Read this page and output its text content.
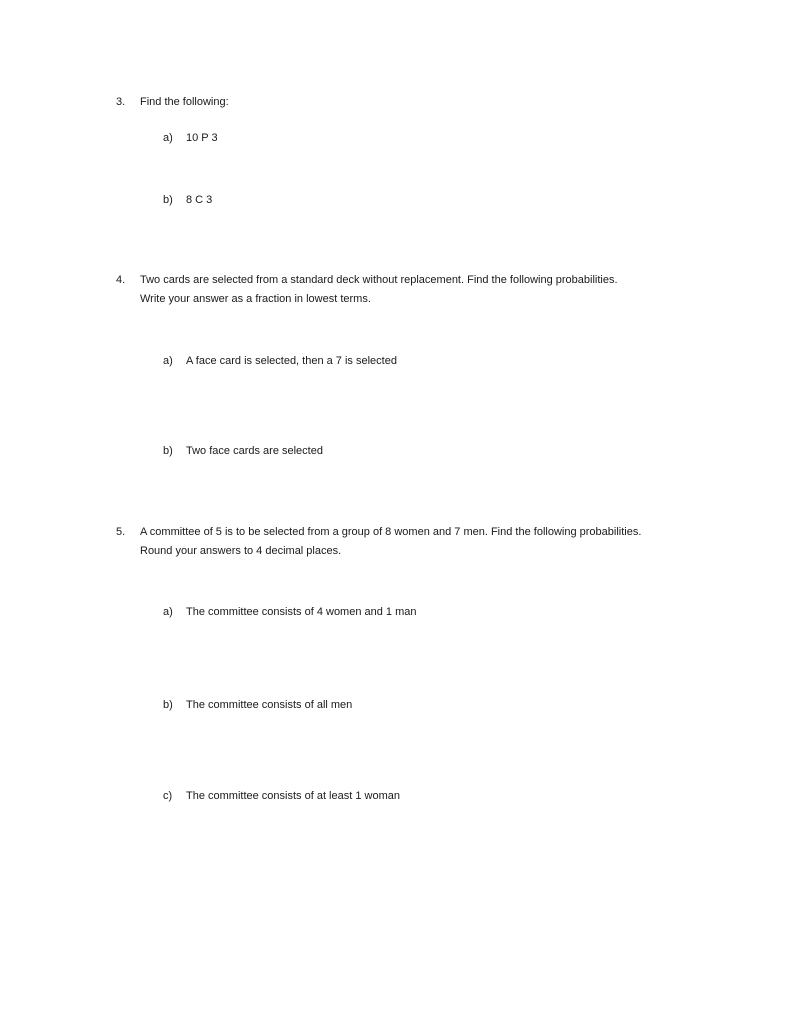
3. Find the following:
a) 10 P 3
b) 8 C 3
4. Two cards are selected from a standard deck without replacement. Find the following probabilities.
Write your answer as a fraction in lowest terms.
a) A face card is selected, then a 7 is selected
b) Two face cards are selected
5. A committee of 5 is to be selected from a group of 8 women and 7 men. Find the following probabilities.
Round your answers to 4 decimal places.
a) The committee consists of 4 women and 1 man
b) The committee consists of all men
c) The committee consists of at least 1 woman
